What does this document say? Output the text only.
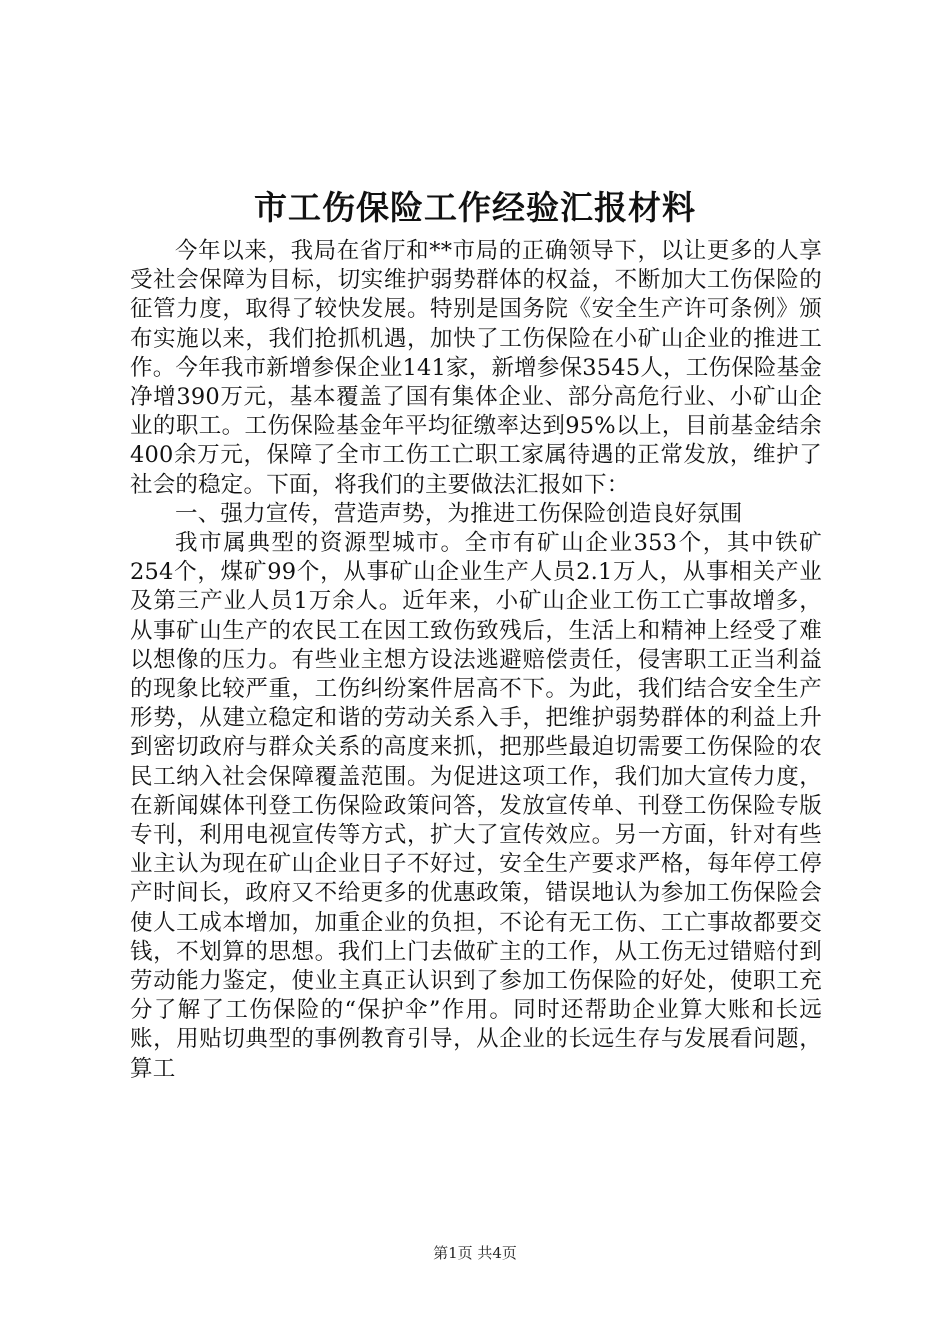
市工伤保险工作经验汇报材料

今年以来，我局在省厅和**市局的正确领导下，以让更多的人享受社会保障为目标，切实维护弱势群体的权益，不断加大工伤保险的征管力度，取得了较快发展。特别是国务院《安全生产许可条例》颁布实施以来，我们抢抓机遇，加快了工伤保险在小矿山企业的推进工作。今年我市新增参保企业141家，新增参保3545人，工伤保险基金净增390万元，基本覆盖了国有集体企业、部分高危行业、小矿山企业的职工。工伤保险基金年平均征缴率达到95%以上，目前基金结余400余万元，保障了全市工伤工亡职工家属待遇的正常发放，维护了社会的稳定。下面，将我们的主要做法汇报如下：

一、强力宣传，营造声势，为推进工伤保险创造良好氛围

我市属典型的资源型城市。全市有矿山企业353个，其中铁矿254个，煤矿99个，从事矿山企业生产人员2.1万人，从事相关产业及第三产业人员1万余人。近年来，小矿山企业工伤工亡事故增多，从事矿山生产的农民工在因工致伤致残后，生活上和精神上经受了难以想像的压力。有些业主想方设法逃避赔偿责任，侵害职工正当利益的现象比较严重，工伤纠纷案件居高不下。为此，我们结合安全生产形势，从建立稳定和谐的劳动关系入手，把维护弱势群体的利益上升到密切政府与群众关系的高度来抓，把那些最迫切需要工伤保险的农民工纳入社会保障覆盖范围。为促进这项工作，我们加大宣传力度，在新闻媒体刊登工伤保险政策问答，发放宣传单、刊登工伤保险专版专刊，利用电视宣传等方式，扩大了宣传效应。另一方面，针对有些业主认为现在矿山企业日子不好过，安全生产要求严格，每年停工停产时间长，政府又不给更多的优惠政策，错误地认为参加工伤保险会使人工成本增加，加重企业的负担，不论有无工伤、工亡事故都要交钱，不划算的思想。我们上门去做矿主的工作，从工伤无过错赔付到劳动能力鉴定，使业主真正认识到了参加工伤保险的好处，使职工充分了解了工伤保险的“保护伞”作用。同时还帮助企业算大账和长远账，用贴切典型的事例教育引导，从企业的长远生存与发展看问题，算工

第1页 共4页
